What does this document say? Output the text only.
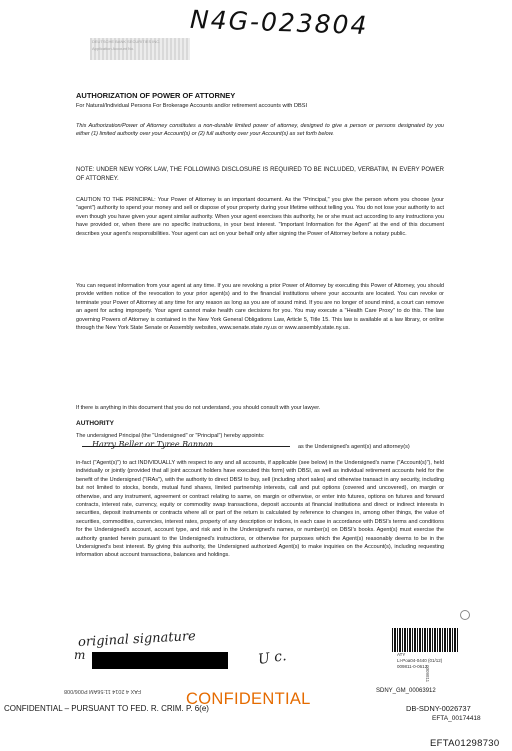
DEUTSCHE BANK SECURITIES INC.
Application Account No.
N4G-023804
AUTHORIZATION OF POWER OF ATTORNEY
For Natural/Individual Persons For Brokerage Accounts and/or retirement accounts with DBSI
This Authorization/Power of Attorney constitutes a non-durable limited power of attorney, designed to give a person or persons designated by you either (1) limited authority over your Account(s) or (2) full authority over your Account(s) as set forth below.
NOTE: UNDER NEW YORK LAW, THE FOLLOWING DISCLOSURE IS REQUIRED TO BE INCLUDED, VERBATIM, IN EVERY POWER OF ATTORNEY.
CAUTION TO THE PRINCIPAL: Your Power of Attorney is an important document. As the "Principal," you give the person whom you choose (your "agent") authority to spend your money and sell or dispose of your property during your lifetime without telling you. You do not lose your authority to act even though you have given your agent similar authority. When your agent exercises this authority, he or she must act according to any instructions you have provided or, when there are no specific instructions, in your best interest. "Important Information for the Agent" at the end of this document describes your agent's responsibilities. Your agent can act on your behalf only after signing the Power of Attorney before a notary public.
You can request information from your agent at any time. If you are revoking a prior Power of Attorney by executing this Power of Attorney, you should provide written notice of the revocation to your prior agent(s) and to the financial institutions where your accounts are located. You can revoke or terminate your Power of Attorney at any time for any reason as long as you are of sound mind. If you are no longer of sound mind, a court can remove an agent for acting improperly. Your agent cannot make health care decisions for you. You may execute a "Health Care Proxy" to do this. The law governing Powers of Attorney is contained in the New York General Obligations Law, Article 5, Title 15. This law is available at a law library, or online through the New York State Senate or Assembly websites, www.senate.state.ny.us or www.assembly.state.ny.us.
If there is anything in this document that you do not understand, you should consult with your lawyer.
AUTHORITY
The undersigned Principal (the "Undersigned" or "Principal") hereby appoints:
Harry Beller or Tyree Bannon	as the Undersigned's agent(s) and attorney(s)
in-fact ("Agent(s)") to act INDIVIDUALLY with respect to any and all accounts, if applicable (see below) in the Undersigned's name ("Account(s)"), held individually or jointly (provided that all joint account holders have executed this form) with DBSI, as well as individual retirement accounts held for the benefit of the Undersigned ("IRAs"), with the authority to direct DBSI to buy, sell (including short sales) and otherwise transact in any security, including but not limited to stocks, bonds, mutual fund shares, limited partnership interests, call and put options (covered and uncovered), on margin or otherwise, and any instrument, agreement or contract relating to same, on margin or otherwise, or enter into futures, options on futures and forward contracts, interest rate, currency, equity or commodity swap transactions, deposit accounts at financial institutions and direct or indirect interests in securities, deposit instruments or contracts where all or part of the return is calculated by reference to changes in, among other things, the value of securities, commodities, currencies, interest rates, property of any description or indices, in each case in accordance with DBSI's terms and conditions for the Undersigned's account, account type, and risk and in the Undersigned's names, or number(s) on DBSI's books. Agent(s) must exercise the authority granted herein pursuant to the Undersigned's instructions, or otherwise for purposes which the Agent(s) reasonably deems to be in the Undersigned's best interest. By giving this authority, the Undersigned authorized Agent(s) to make inquiries on the Account(s), including requesting information about account transactions, balances and holdings.
original signature
m	U c.	ATY
LI-Poa04-0440 (01/12)
009811-0-0612
0009811
SDNY_GM_00063912
FAX 4 2014 11:56AM P006/008
CONFIDENTIAL – PURSUANT TO FED. R. CRIM. P. 6(e)
CONFIDENTIAL
DB-SDNY-0026737
EFTA_00174418
EFTA01298730
